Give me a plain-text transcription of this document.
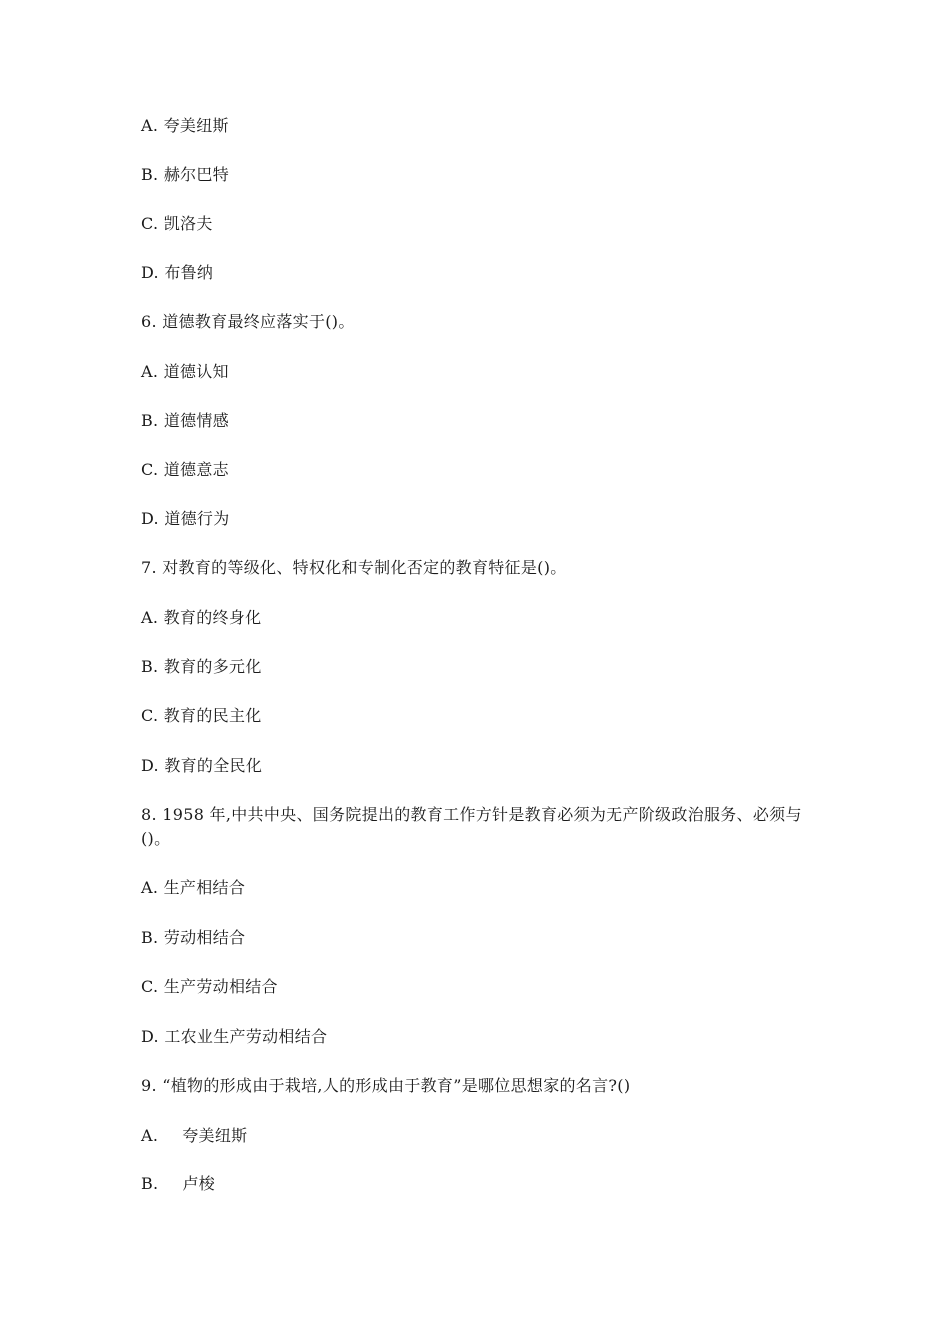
A. 夸美纽斯
B. 赫尔巴特
C. 凯洛夫
D. 布鲁纳
6. 道德教育最终应落实于()。
A. 道德认知
B. 道德情感
C. 道德意志
D. 道德行为
7. 对教育的等级化、特权化和专制化否定的教育特征是()。
A. 教育的终身化
B. 教育的多元化
C. 教育的民主化
D. 教育的全民化
8. 1958 年,中共中央、国务院提出的教育工作方针是教育必须为无产阶级政治服务、必须与()。
A. 生产相结合
B. 劳动相结合
C. 生产劳动相结合
D. 工农业生产劳动相结合
9. “植物的形成由于栽培,人的形成由于教育”是哪位思想家的名言?()
A. 夸美纽斯
B. 卢梭
